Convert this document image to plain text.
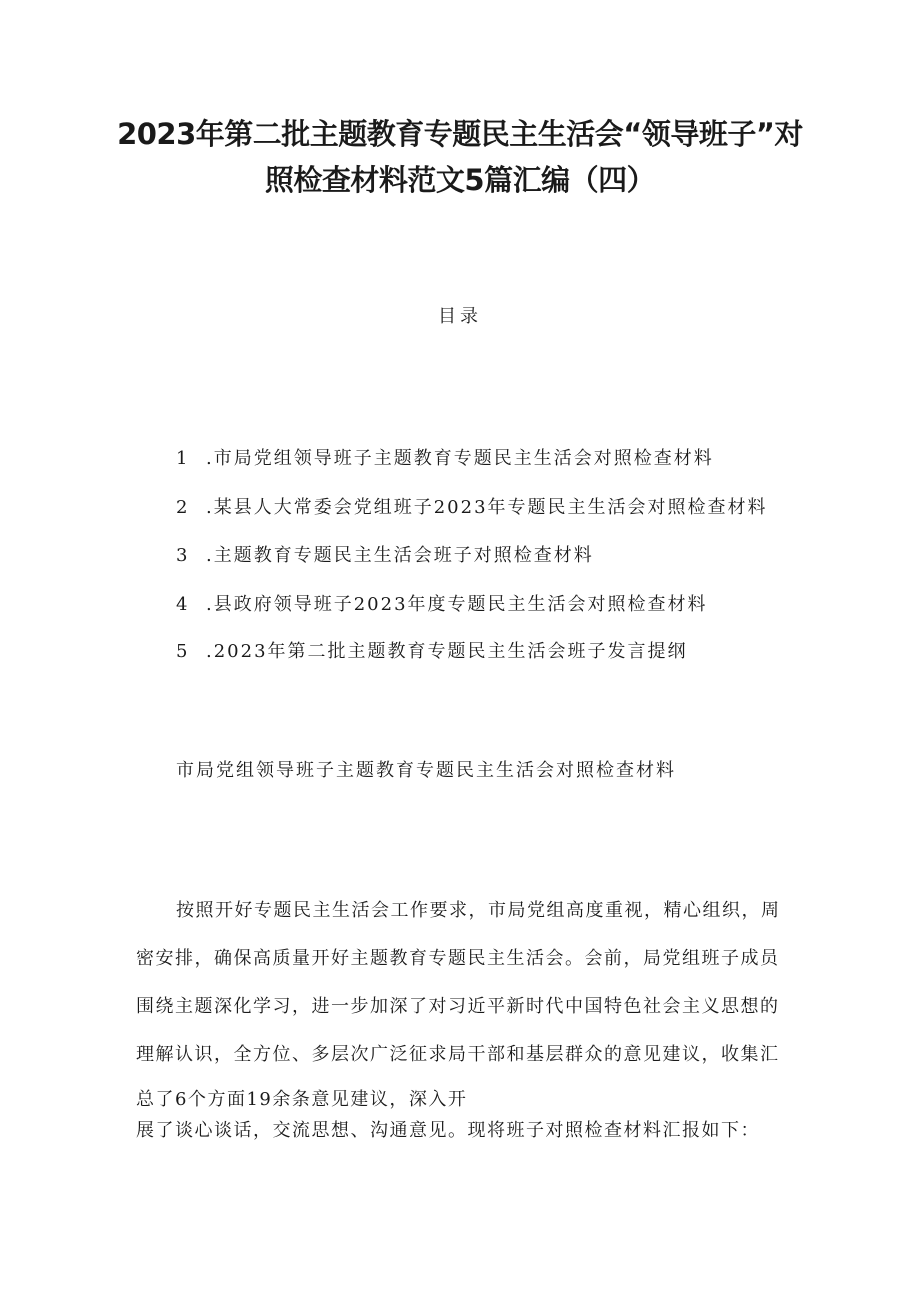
2023年第二批主题教育专题民主生活会“领导班子”对
照检查材料范文5篇汇编（四）
目录
1 .市局党组领导班子主题教育专题民主生活会对照检查材料
2 .某县人大常委会党组班子2023年专题民主生活会对照检查材料
3 .主题教育专题民主生活会班子对照检查材料
4 .县政府领导班子2023年度专题民主生活会对照检查材料
5 .2023年第二批主题教育专题民主生活会班子发言提纲
市局党组领导班子主题教育专题民主生活会对照检查材料
按照开好专题民主生活会工作要求，市局党组高度重视，精心组织，周
密安排，确保高质量开好主题教育专题民主生活会。会前，局党组班子成员
围绕主题深化学习，进一步加深了对习近平新时代中国特色社会主义思想的
理解认识，全方位、多层次广泛征求局干部和基层群众的意见建议，收集汇
总了6个方面19余条意见建议，深入开
展了谈心谈话，交流思想、沟通意见。现将班子对照检查材料汇报如下：
